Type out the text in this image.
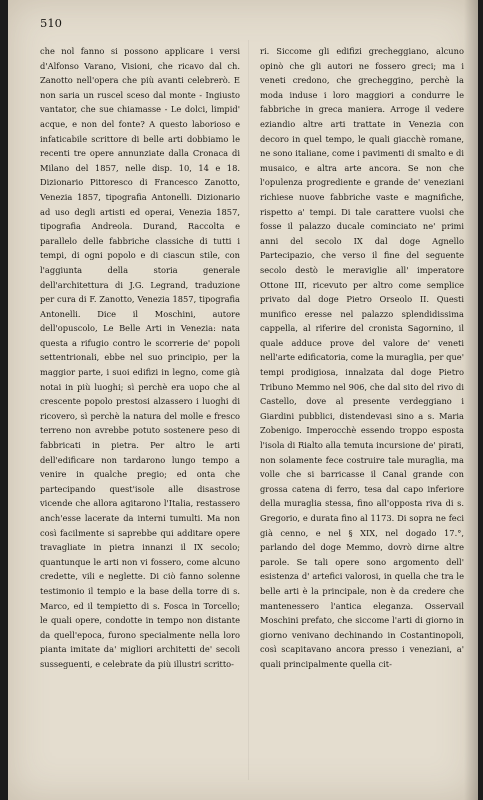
510

che nol fanno si possono applicare i versi d'Alfonso Varano, Visioni, che ricavo dal ch. Zanotto nell'opera che più avanti celebrerò. E non saria un ruscel sceso dal monte - Ingiusto vantator, che sue chiamasse - Le dolci, limpid' acque, e non del fonte? A questo laborioso e infaticabile scrittore di belle arti dobbiamo le recenti tre opere annunziate dalla Cronaca di Milano del 1857, nelle disp. 10, 14 e 18. Dizionario Pittoresco di Francesco Zanotto, Venezia 1857, tipografia Antonelli. Dizionario ad uso degli artisti ed operai, Venezia 1857, tipografia Andreola. Durand, Raccolta e parallelo delle fabbriche classiche di tutti i tempi, di ogni popolo e di ciascun stile, con l'aggiunta della storia generale dell'architettura di J.G. Legrand, traduzione per cura di F. Zanotto, Venezia 1857, tipografia Antonelli. Dice il Moschini, autore dell'opuscolo, Le Belle Arti in Venezia: nata questa a rifugio contro le scorrerie de' popoli settentrionali, ebbe nel suo principio, per la maggior parte, i suoi edifizi in legno, come già notai in più luoghi; sì perchè era uopo che al crescente popolo prestosi alzassero i luoghi di ricovero, sì perchè la natura del molle e fresco terreno non avrebbe potuto sostenere peso di fabbricati in pietra. Per altro le arti dell'edificare non tardarono lungo tempo a venire in qualche pregio; ed onta che partecipando quest'isole alle disastrose vicende che allora agitarono l'Italia, restassero anch'esse lacerate da interni tumulti. Ma non così facilmente si saprebbe qui additare opere travagliate in pietra innanzi il IX secolo; quantunque le arti non vi fossero, come alcuno credette, vili e neglette. Di ciò fanno solenne testimonio il tempio e la base della torre di s. Marco, ed il tempietto di s. Fosca in Torcello; le quali opere, condotte in tempo non distante da quell'epoca, furono specialmente nella loro pianta imitate da' migliori architetti de' secoli susseguenti, e celebrate da più illustri scritto-

ri. Siccome gli edifizi grecheggiano, alcuno opinò che gli autori ne fossero greci; ma i veneti credono, che grecheggino, perchè la moda induse i loro maggiori a condurre le fabbriche in greca maniera. Arroge il vedere eziandio altre arti trattate in Venezia con decoro in quel tempo, le quali giacchè romane, ne sono italiane, come i pavimenti di smalto e di musaico, e altra arte ancora. Se non che l'opulenza progrediente e grande de' veneziani richiese nuove fabbriche vaste e magnifiche, rispetto a' tempi. Di tale carattere vuolsi che fosse il palazzo ducale cominciato ne' primi anni del secolo IX dal doge Agnello Partecipazio, che verso il fine del seguente secolo destò le meraviglie all' imperatore Ottone III, ricevuto per altro come semplice privato dal doge Pietro Orseolo II. Questi munifico eresse nel palazzo splendidissima cappella, al riferire del cronista Sagornino, il quale adduce prove del valore de' veneti nell'arte edificatoria, come la muraglia, per que' tempi prodigiosa, innalzata dal doge Pietro Tribuno Memmo nel 906, che dal sito del rivo di Castello, dove al presente verdeggiano i Giardini pubblici, distendevasi sino a s. Maria Zobenigo. Imperocchè essendo troppo esposta l'isola di Rialto alla temuta incursione de' pirati, non solamente fece costruire tale muraglia, ma volle che si barricasse il Canal grande con grossa catena di ferro, tesa dal capo inferiore della muraglia stessa, fino all'opposta riva di s. Gregorio, e durata fino al 1173. Di sopra ne feci già cenno, e nel § XIX, nel dogado 17.°, parlando del doge Memmo, dovrò dirne altre parole. Se tali opere sono argomento dell' esistenza d' artefici valorosi, in quella che tra le belle arti è la principale, non è da credere che mantenessero l'antica eleganza. Osservail Moschini prefato, che siccome l'arti di giorno in giorno venivano dechinando in Costantinopoli, così scapitavano ancora presso i veneziani, a' quali principalmente quella cit-
